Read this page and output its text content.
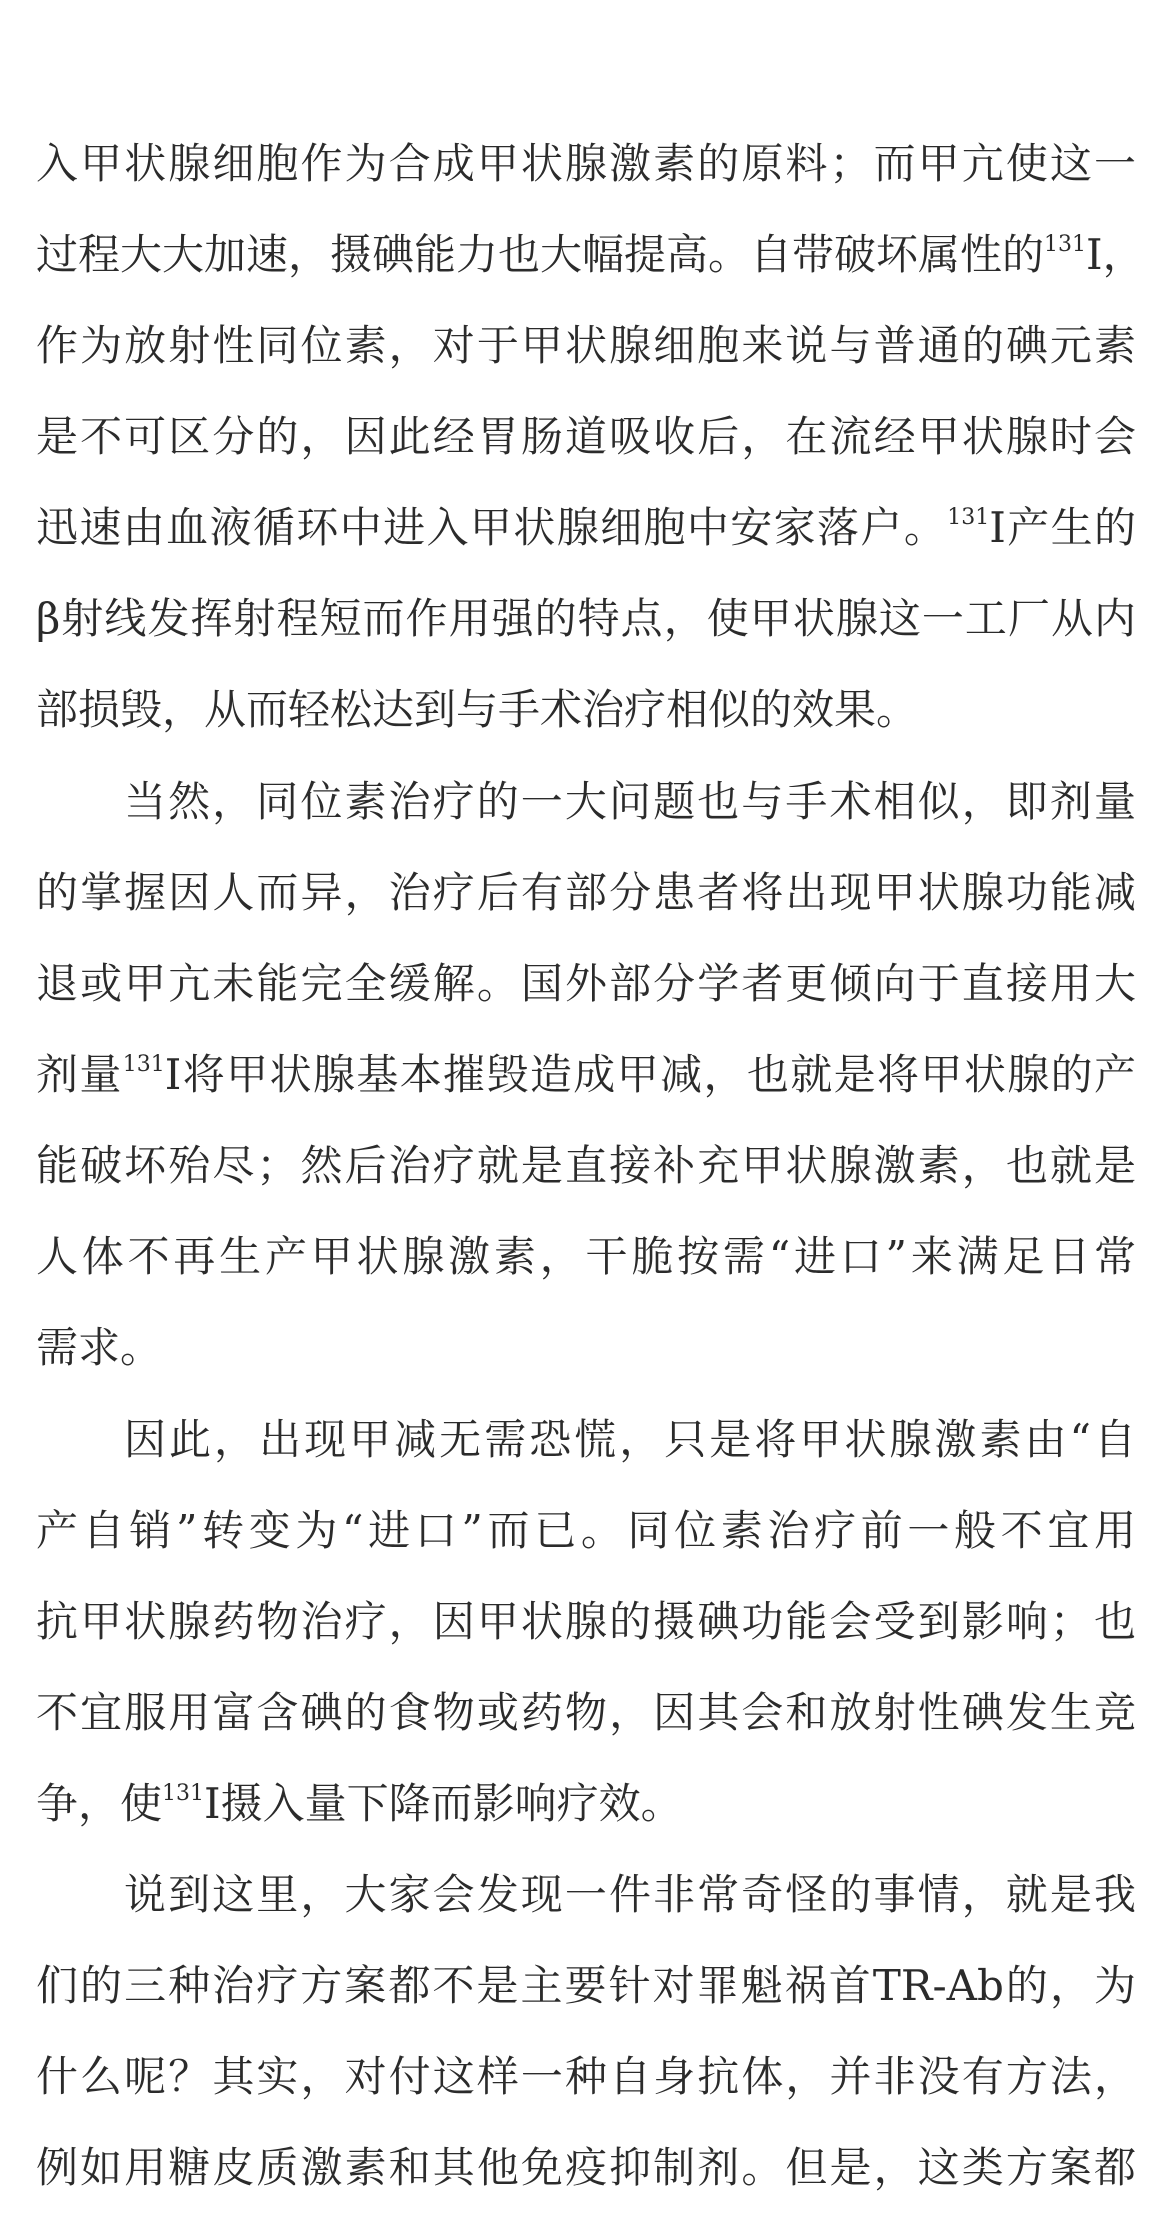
入甲状腺细胞作为合成甲状腺激素的原料；而甲亢使这一
过程大大加速，摄碘能力也大幅提高。自带破坏属性的$^{131}$I，
作为放射性同位素，对于甲状腺细胞来说与普通的碘元素
是不可区分的，因此经胃肠道吸收后，在流经甲状腺时会
迅速由血液循环中进入甲状腺细胞中安家落户。$^{131}$I产生的
β射线发挥射程短而作用强的特点，使甲状腺这一工厂从内
部损毁，从而轻松达到与手术治疗相似的效果。
当然，同位素治疗的一大问题也与手术相似，即剂量
的掌握因人而异，治疗后有部分患者将出现甲状腺功能减
退或甲亢未能完全缓解。国外部分学者更倾向于直接用大
剂量$^{131}$I将甲状腺基本摧毁造成甲减，也就是将甲状腺的产
能破坏殆尽；然后治疗就是直接补充甲状腺激素，也就是
人体不再生产甲状腺激素，干脆按需“进口”来满足日常
需求。
因此，出现甲减无需恐慌，只是将甲状腺激素由“自
产自销”转变为“进口”而已。同位素治疗前一般不宜用
抗甲状腺药物治疗，因甲状腺的摄碘功能会受到影响；也
不宜服用富含碘的食物或药物，因其会和放射性碘发生竞
争，使$^{131}$I摄入量下降而影响疗效。
说到这里，大家会发现一件非常奇怪的事情，就是我
们的三种治疗方案都不是主要针对罪魁祸首TR-Ab的，为
什么呢？其实，对付这样一种自身抗体，并非没有方法，
例如用糖皮质激素和其他免疫抑制剂。但是，这类方案都
